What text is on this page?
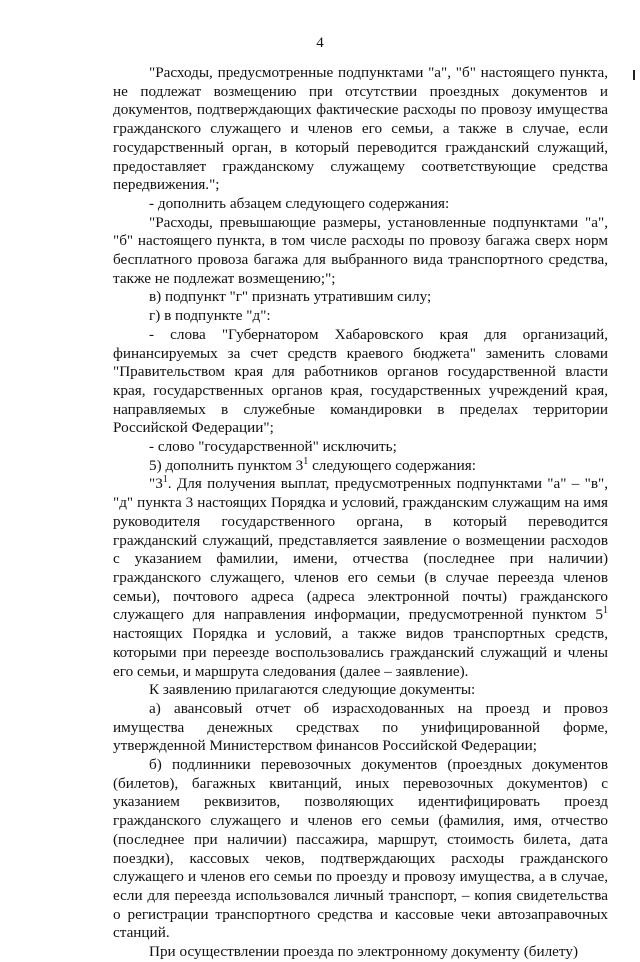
4

"Расходы, предусмотренные подпунктами "а", "б" настоящего пункта, не подлежат возмещению при отсутствии проездных документов и документов, подтверждающих фактические расходы по провозу имущества гражданского служащего и членов его семьи, а также в случае, если государственный орган, в который переводится гражданский служащий, предоставляет гражданскому служащему соответствующие средства передвижения.";

- дополнить абзацем следующего содержания:

"Расходы, превышающие размеры, установленные подпунктами "а", "б" настоящего пункта, в том числе расходы по провозу багажа сверх норм бесплатного провоза багажа для выбранного вида транспортного средства, также не подлежат возмещению;";

в) подпункт "г" признать утратившим силу;

г) в подпункте "д":

- слова "Губернатором Хабаровского края для организаций, финансируемых за счет средств краевого бюджета" заменить словами "Правительством края для работников органов государственной власти края, государственных органов края, государственных учреждений края, направляемых в служебные командировки в пределах территории Российской Федерации";

- слово "государственной" исключить;

5) дополнить пунктом $3^1$ следующего содержания:

"$3^1$. Для получения выплат, предусмотренных подпунктами "а" – "в", "д" пункта 3 настоящих Порядка и условий, гражданским служащим на имя руководителя государственного органа, в который переводится гражданский служащий, представляется заявление о возмещении расходов с указанием фамилии, имени, отчества (последнее при наличии) гражданского служащего, членов его семьи (в случае переезда членов семьи), почтового адреса (адреса электронной почты) гражданского служащего для направления информации, предусмотренной пунктом $5^1$ настоящих Порядка и условий, а также видов транспортных средств, которыми при переезде воспользовались гражданский служащий и члены его семьи, и маршрута следования (далее – заявление).

К заявлению прилагаются следующие документы:

а) авансовый отчет об израсходованных на проезд и провоз имущества денежных средствах по унифицированной форме, утвержденной Министерством финансов Российской Федерации;

б) подлинники перевозочных документов (проездных документов (билетов), багажных квитанций, иных перевозочных документов) с указанием реквизитов, позволяющих идентифицировать проезд гражданского служащего и членов его семьи (фамилия, имя, отчество (последнее при наличии) пассажира, маршрут, стоимость билета, дата поездки), кассовых чеков, подтверждающих расходы гражданского служащего и членов его семьи по проезду и провозу имущества, а в случае, если для переезда использовался личный транспорт, – копия свидетельства о регистрации транспортного средства и кассовые чеки автозаправочных станций.

При осуществлении проезда по электронному документу (билету)
